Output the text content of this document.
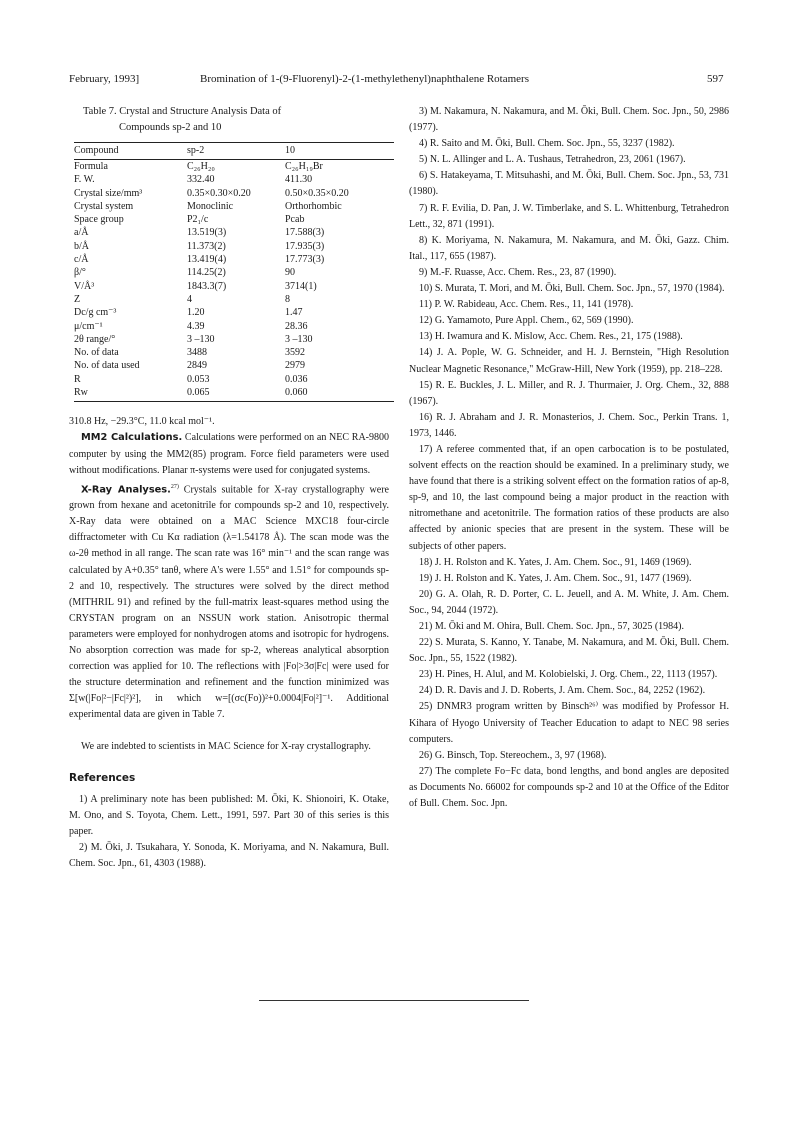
February, 1993]	Bromination of 1-(9-Fluorenyl)-2-(1-methylethenyl)naphthalene Rotamers	597
Table 7. Crystal and Structure Analysis Data of
Compounds sp-2 and 10
Compound	sp-2	10
Formula	C₂₆H₂₀	C₂₆H₁₉Br
F. W.	332.40	411.30
Crystal size/mm³	0.35×0.30×0.20	0.50×0.35×0.20
Crystal system	Monoclinic	Orthorhombic
Space group	P2₁/c	Pcab
a/Å	13.519(3)	17.588(3)
b/Å	11.373(2)	17.935(3)
c/Å	13.419(4)	17.773(3)
β/°	114.25(2)	90
V/Å³	1843.3(7)	3714(1)
Z	4	8
Dc/g cm⁻³	1.20	1.47
μ/cm⁻¹	4.39	28.36
2θ range/°	3 –130	3 –130
No. of data	3488	3592
No. of data used	2849	2979
R	0.053	0.036
Rw	0.065	0.060

310.8 Hz, −29.3°C, 11.0 kcal mol⁻¹.

MM2 Calculations. Calculations were performed on an NEC RA-9800 computer by using the MM2(85) program. Force field parameters were used without modifications. Planar π-systems were used for conjugated systems.

X-Ray Analyses.$^{27)}$ Crystals suitable for X-ray crystallography were grown from hexane and acetonitrile for compounds sp-2 and 10, respectively. X-Ray data were obtained on a MAC Science MXC18 four-circle diffractometer with Cu Kα radiation (λ=1.54178 Å). The scan mode was the ω-2θ method in all range. The scan rate was 16° min⁻¹ and the scan range was calculated by A+0.35° tanθ, where A's were 1.55° and 1.51° for compounds sp-2 and 10, respectively. The structures were solved by the direct method (MITHRIL 91) and refined by the full-matrix least-squares method using the CRYSTAN program on an NSSUN work station. Anisotropic thermal parameters were employed for nonhydrogen atoms and isotropic for hydrogens. No absorption correction was made for sp-2, whereas analytical absorption correction was applied for 10. The reflections with |Fo|>3σ|Fc| were used for the structure determination and refinement and the function minimized was Σ[w(|Fo|²−|Fc|²)²], in which w=[(σc(Fo))²+0.0004|Fo|²]⁻¹. Additional experimental data are given in Table 7.

We are indebted to scientists in MAC Science for X-ray crystallography.

References

1) A preliminary note has been published: M. Ōki, K. Shionoiri, K. Otake, M. Ono, and S. Toyota, Chem. Lett., 1991, 597. Part 30 of this series is this paper.

2) M. Ōki, J. Tsukahara, Y. Sonoda, K. Moriyama, and N. Nakamura, Bull. Chem. Soc. Jpn., 61, 4303 (1988).

3) M. Nakamura, N. Nakamura, and M. Ōki, Bull. Chem. Soc. Jpn., 50, 2986 (1977).

4) R. Saito and M. Ōki, Bull. Chem. Soc. Jpn., 55, 3237 (1982).

5) N. L. Allinger and L. A. Tushaus, Tetrahedron, 23, 2061 (1967).

6) S. Hatakeyama, T. Mitsuhashi, and M. Ōki, Bull. Chem. Soc. Jpn., 53, 731 (1980).

7) R. F. Evilia, D. Pan, J. W. Timberlake, and S. L. Whittenburg, Tetrahedron Lett., 32, 871 (1991).

8) K. Moriyama, N. Nakamura, M. Nakamura, and M. Ōki, Gazz. Chim. Ital., 117, 655 (1987).

9) M.-F. Ruasse, Acc. Chem. Res., 23, 87 (1990).

10) S. Murata, T. Mori, and M. Ōki, Bull. Chem. Soc. Jpn., 57, 1970 (1984).

11) P. W. Rabideau, Acc. Chem. Res., 11, 141 (1978).

12) G. Yamamoto, Pure Appl. Chem., 62, 569 (1990).

13) H. Iwamura and K. Mislow, Acc. Chem. Res., 21, 175 (1988).

14) J. A. Pople, W. G. Schneider, and H. J. Bernstein, "High Resolution Nuclear Magnetic Resonance," McGraw-Hill, New York (1959), pp. 218–228.

15) R. E. Buckles, J. L. Miller, and R. J. Thurmaier, J. Org. Chem., 32, 888 (1967).

16) R. J. Abraham and J. R. Monasterios, J. Chem. Soc., Perkin Trans. 1, 1973, 1446.

17) A referee commented that, if an open carbocation is to be postulated, solvent effects on the reaction should be examined. In a preliminary study, we have found that there is a striking solvent effect on the formation ratios of ap-8, sp-9, and 10, the last compound being a major product in the reaction with nitromethane and acetonitrile. The formation ratios of these products are also affected by anionic species that are present in the system. These will be subjects of other papers.

18) J. H. Rolston and K. Yates, J. Am. Chem. Soc., 91, 1469 (1969).

19) J. H. Rolston and K. Yates, J. Am. Chem. Soc., 91, 1477 (1969).

20) G. A. Olah, R. D. Porter, C. L. Jeuell, and A. M. White, J. Am. Chem. Soc., 94, 2044 (1972).

21) M. Ōki and M. Ohira, Bull. Chem. Soc. Jpn., 57, 3025 (1984).

22) S. Murata, S. Kanno, Y. Tanabe, M. Nakamura, and M. Ōki, Bull. Chem. Soc. Jpn., 55, 1522 (1982).

23) H. Pines, H. Alul, and M. Kolobielski, J. Org. Chem., 22, 1113 (1957).

24) D. R. Davis and J. D. Roberts, J. Am. Chem. Soc., 84, 2252 (1962).

25) DNMR3 program written by Binsch²⁶⁾ was modified by Professor H. Kihara of Hyogo University of Teacher Education to adapt to NEC 98 series computers.

26) G. Binsch, Top. Stereochem., 3, 97 (1968).

27) The complete Fo−Fc data, bond lengths, and bond angles are deposited as Documents No. 66002 for compounds sp-2 and 10 at the Office of the Editor of Bull. Chem. Soc. Jpn.
